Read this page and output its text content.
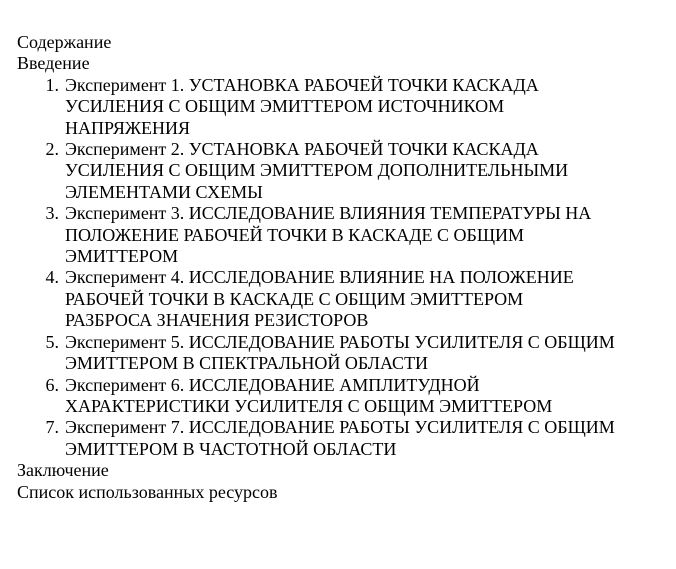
Содержание
Введение
1. Эксперимент 1. УСТАНОВКА РАБОЧЕЙ ТОЧКИ КАСКАДА
УСИЛЕНИЯ С ОБЩИМ ЭМИТТЕРОМ ИСТОЧНИКОМ
НАПРЯЖЕНИЯ
2. Эксперимент 2. УСТАНОВКА РАБОЧЕЙ ТОЧКИ КАСКАДА
УСИЛЕНИЯ С ОБЩИМ ЭМИТТЕРОМ ДОПОЛНИТЕЛЬНЫМИ
ЭЛЕМЕНТАМИ СХЕМЫ
3. Эксперимент 3. ИССЛЕДОВАНИЕ ВЛИЯНИЯ ТЕМПЕРАТУРЫ НА
ПОЛОЖЕНИЕ РАБОЧЕЙ ТОЧКИ В КАСКАДЕ С ОБЩИМ
ЭМИТТЕРОМ
4. Эксперимент 4. ИССЛЕДОВАНИЕ ВЛИЯНИЕ НА ПОЛОЖЕНИЕ
РАБОЧЕЙ ТОЧКИ В КАСКАДЕ С ОБЩИМ ЭМИТТЕРОМ
РАЗБРОСА ЗНАЧЕНИЯ РЕЗИСТОРОВ
5. Эксперимент 5. ИССЛЕДОВАНИЕ РАБОТЫ УСИЛИТЕЛЯ С ОБЩИМ
ЭМИТТЕРОМ В СПЕКТРАЛЬНОЙ ОБЛАСТИ
6. Эксперимент 6. ИССЛЕДОВАНИЕ АМПЛИТУДНОЙ
ХАРАКТЕРИСТИКИ УСИЛИТЕЛЯ С ОБЩИМ ЭМИТТЕРОМ
7. Эксперимент 7. ИССЛЕДОВАНИЕ РАБОТЫ УСИЛИТЕЛЯ С ОБЩИМ
ЭМИТТЕРОМ В ЧАСТОТНОЙ ОБЛАСТИ
Заключение
Список использованных ресурсов
